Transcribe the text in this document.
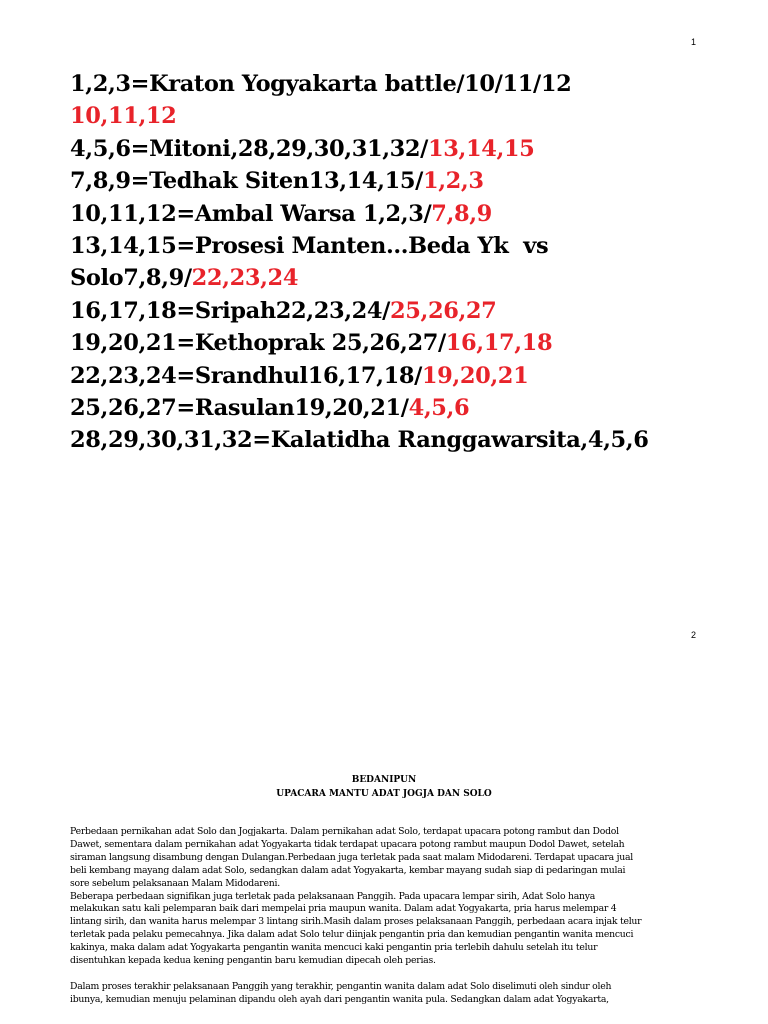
1
1,2,3=Kraton Yogyakarta battle/10/11/12
10,11,12
4,5,6=Mitoni,28,29,30,31,32/13,14,15
7,8,9=Tedhak Siten13,14,15/1,2,3
10,11,12=Ambal Warsa 1,2,3/7,8,9
13,14,15=Prosesi Manten…Beda Yk  vs
Solo7,8,9/22,23,24
16,17,18=Sripah22,23,24/25,26,27
19,20,21=Kethoprak 25,26,27/16,17,18
22,23,24=Srandhul16,17,18/19,20,21
25,26,27=Rasulan19,20,21/4,5,6
28,29,30,31,32=Kalatidha Ranggawarsita,4,5,6
2
BEDANIPUN
UPACARA MANTU ADAT JOGJA DAN SOLO
Perbedaan pernikahan adat Solo dan Jogjakarta. Dalam pernikahan adat Solo, terdapat upacara potong rambut dan Dodol
Dawet, sementara dalam pernikahan adat Yogyakarta tidak terdapat upacara potong rambut maupun Dodol Dawet, setelah
siraman langsung disambung dengan Dulangan.Perbedaan juga terletak pada saat malam Midodareni. Terdapat upacara jual
beli kembang mayang dalam adat Solo, sedangkan dalam adat Yogyakarta, kembar mayang sudah siap di pedaringan mulai
sore sebelum pelaksanaan Malam Midodareni.
Beberapa perbedaan signifikan juga terletak pada pelaksanaan Panggih. Pada upacara lempar sirih, Adat Solo hanya
melakukan satu kali pelemparan baik dari mempelai pria maupun wanita. Dalam adat Yogyakarta, pria harus melempar 4
lintang sirih, dan wanita harus melempar 3 lintang sirih.Masih dalam proses pelaksanaan Panggih, perbedaan acara injak telur
terletak pada pelaku pemecahnya. Jika dalam adat Solo telur diinjak pengantin pria dan kemudian pengantin wanita mencuci
kakinya, maka dalam adat Yogyakarta pengantin wanita mencuci kaki pengantin pria terlebih dahulu setelah itu telur
disentuhkan kepada kedua kening pengantin baru kemudian dipecah oleh perias.
Dalam proses terakhir pelaksanaan Panggih yang terakhir, pengantin wanita dalam adat Solo diselimuti oleh sindur oleh
ibunya, kemudian menuju pelaminan dipandu oleh ayah dari pengantin wanita pula. Sedangkan dalam adat Yogyakarta,
